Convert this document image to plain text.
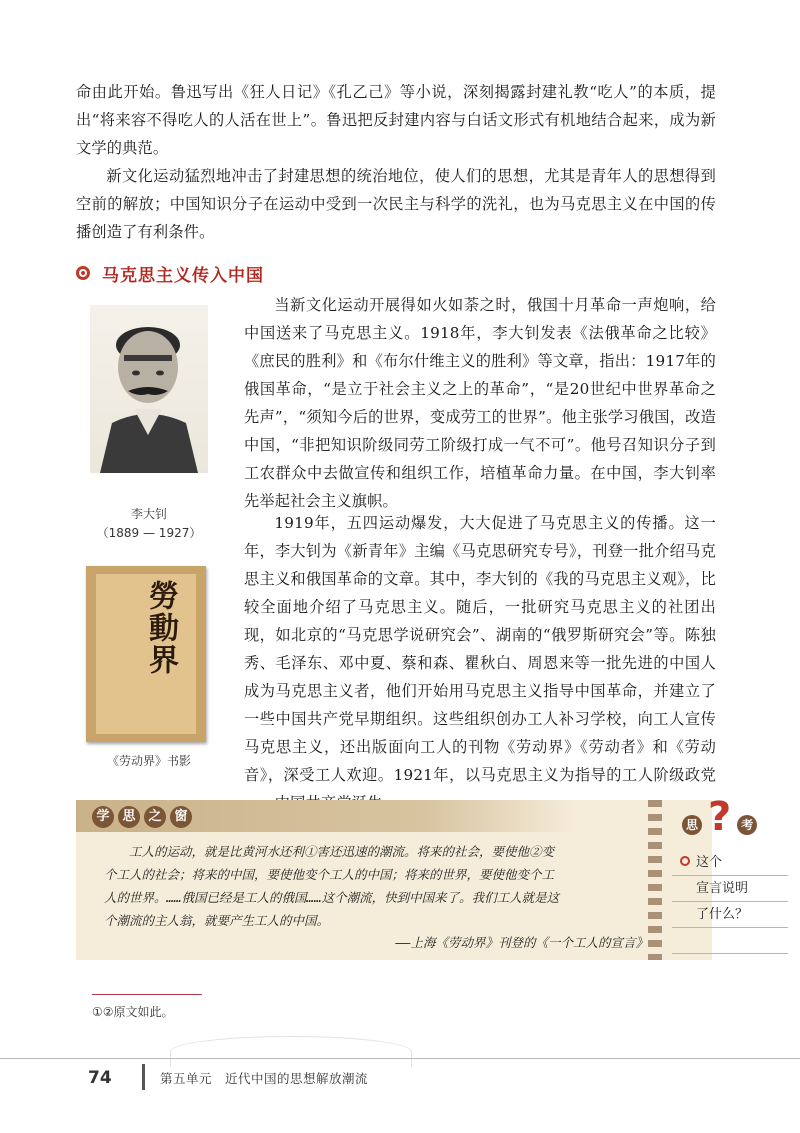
命由此开始。鲁迅写出《狂人日记》《孔乙己》等小说，深刻揭露封建礼教“吃人”的本质，提出“将来容不得吃人的人活在世上”。鲁迅把反封建内容与白话文形式有机地结合起来，成为新文学的典范。

新文化运动猛烈地冲击了封建思想的统治地位，使人们的思想，尤其是青年人的思想得到空前的解放；中国知识分子在运动中受到一次民主与科学的洗礼，也为马克思主义在中国的传播创造了有利条件。

马克思主义传入中国
李大钊
（1889 — 1927）
勞動界
《劳动界》书影

当新文化运动开展得如火如荼之时，俄国十月革命一声炮响，给中国送来了马克思主义。1918年，李大钊发表《法俄革命之比较》《庶民的胜利》和《布尔什维主义的胜利》等文章，指出：1917年的俄国革命，“是立于社会主义之上的革命”，“是20世纪中世界革命之先声”，“须知今后的世界，变成劳工的世界”。他主张学习俄国，改造中国，“非把知识阶级同劳工阶级打成一气不可”。他号召知识分子到工农群众中去做宣传和组织工作，培植革命力量。在中国，李大钊率先举起社会主义旗帜。

1919年，五四运动爆发，大大促进了马克思主义的传播。这一年，李大钊为《新青年》主编《马克思研究专号》，刊登一批介绍马克思主义和俄国革命的文章。其中，李大钊的《我的马克思主义观》，比较全面地介绍了马克思主义。随后，一批研究马克思主义的社团出现，如北京的“马克思学说研究会”、湖南的“俄罗斯研究会”等。陈独秀、毛泽东、邓中夏、蔡和森、瞿秋白、周恩来等一批先进的中国人成为马克思主义者，他们开始用马克思主义指导中国革命，并建立了一些中国共产党早期组织。这些组织创办工人补习学校，向工人宣传马克思主义，还出版面向工人的刊物《劳动界》《劳动者》和《劳动音》，深受工人欢迎。1921年，以马克思主义为指导的工人阶级政党

学 思 之 窗

工人的运动，就是比黄河水还利①害还迅速的潮流。将来的社会，要使他②变个工人的社会；将来的中国，要使他变个工人的中国；将来的世界，要使他变个工人的世界。……俄国已经是工人的俄国……这个潮流，快到中国来了。我们工人就是这个潮流的主人翁，就要产生工人的中国。

思 ? 考
这个
宣言说明
了什么？
——上海《劳动界》刊登的《一个工人的宣言》
①②原文如此。
74	第五单元　近代中国的思想解放潮流
